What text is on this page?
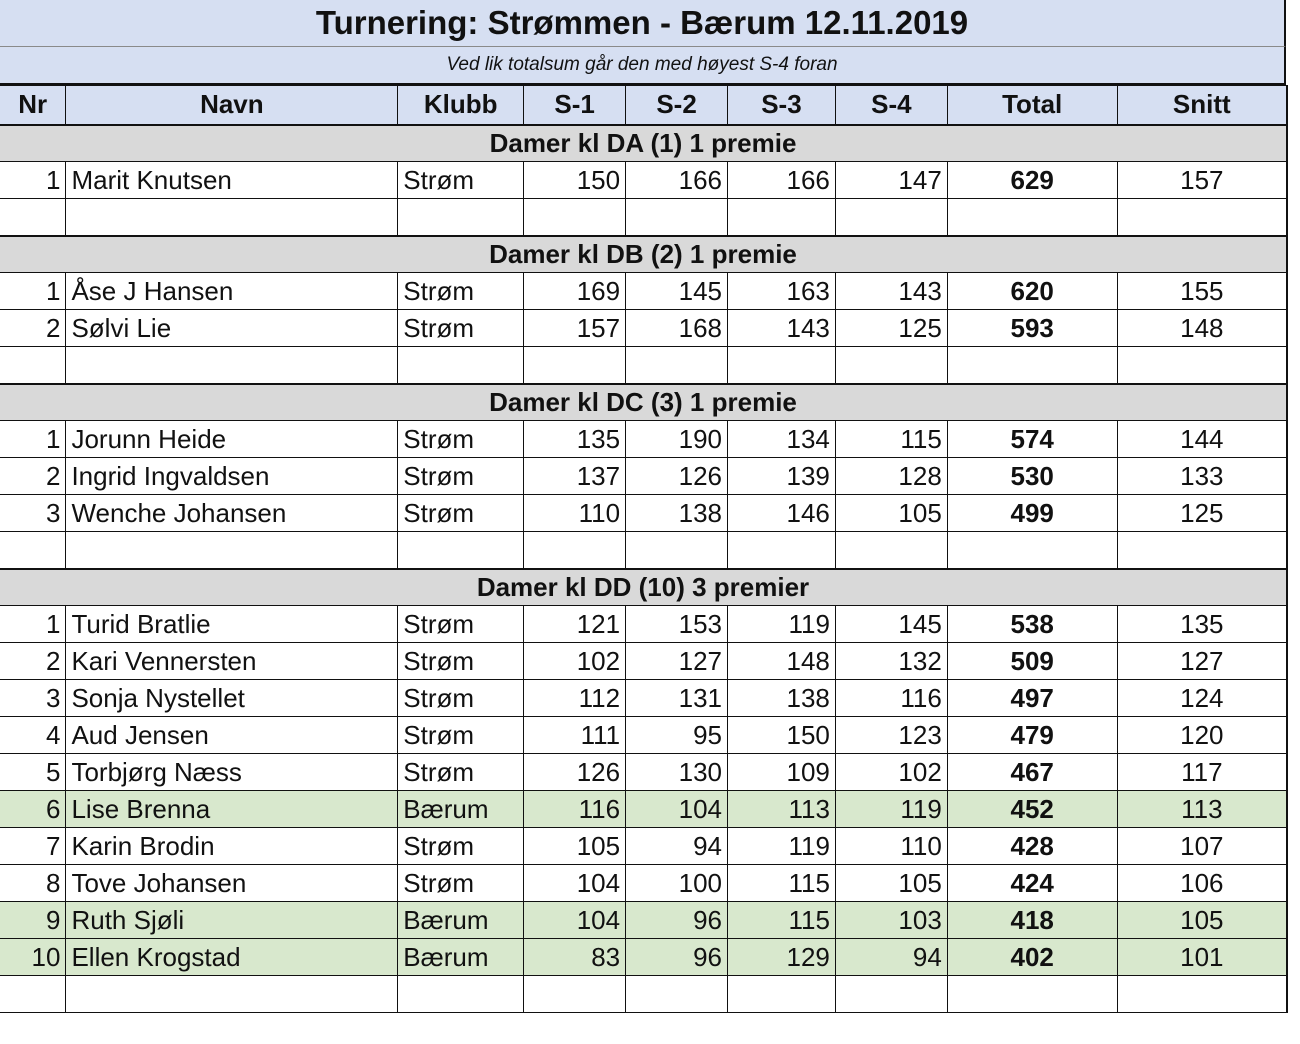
Turnering: Strømmen - Bærum 12.11.2019
Ved lik totalsum går den med høyest S-4 foran
Nr	Navn	Klubb	S-1	S-2	S-3	S-4	Total	Snitt
Damer kl DA (1) 1 premie								
1	Marit Knutsen	Strøm	150	166	166	147	629	157

Damer kl DB (2) 1 premie								
1	Åse J Hansen	Strøm	169	145	163	143	620	155
2	Sølvi Lie	Strøm	157	168	143	125	593	148

Damer kl DC (3) 1 premie								
1	Jorunn Heide	Strøm	135	190	134	115	574	144
2	Ingrid Ingvaldsen	Strøm	137	126	139	128	530	133
3	Wenche Johansen	Strøm	110	138	146	105	499	125

Damer kl DD (10) 3 premier								
1	Turid Bratlie	Strøm	121	153	119	145	538	135
2	Kari Vennersten	Strøm	102	127	148	132	509	127
3	Sonja Nystellet	Strøm	112	131	138	116	497	124
4	Aud Jensen	Strøm	111	95	150	123	479	120
5	Torbjørg Næss	Strøm	126	130	109	102	467	117
6	Lise Brenna	Bærum	116	104	113	119	452	113
7	Karin Brodin	Strøm	105	94	119	110	428	107
8	Tove Johansen	Strøm	104	100	115	105	424	106
9	Ruth Sjøli	Bærum	104	96	115	103	418	105
10	Ellen Krogstad	Bærum	83	96	129	94	402	101
